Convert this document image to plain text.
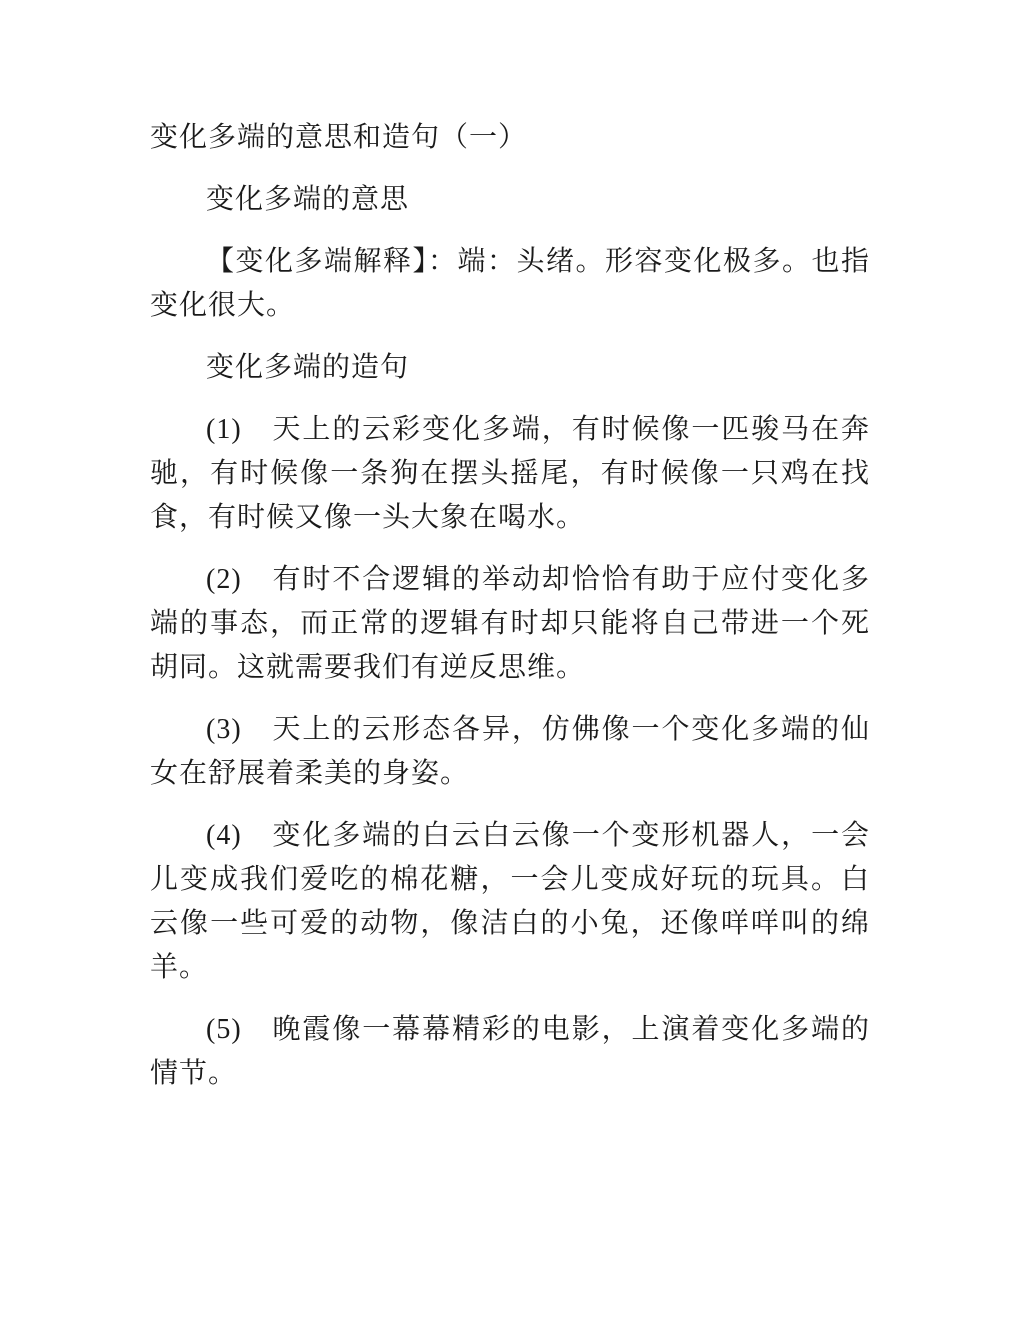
变化多端的意思和造句（一）

变化多端的意思

【变化多端解释】：端：头绪。形容变化极多。也指变化很大。

变化多端的造句

(1)　天上的云彩变化多端，有时候像一匹骏马在奔驰，有时候像一条狗在摆头摇尾，有时候像一只鸡在找食，有时候又像一头大象在喝水。

(2)　有时不合逻辑的举动却恰恰有助于应付变化多端的事态，而正常的逻辑有时却只能将自己带进一个死胡同。这就需要我们有逆反思维。

(3)　天上的云形态各异，仿佛像一个变化多端的仙女在舒展着柔美的身姿。

(4)　变化多端的白云白云像一个变形机器人，一会儿变成我们爱吃的棉花糖，一会儿变成好玩的玩具。白云像一些可爱的动物，像洁白的小兔，还像咩咩叫的绵羊。

(5)　晚霞像一幕幕精彩的电影，上演着变化多端的情节。
